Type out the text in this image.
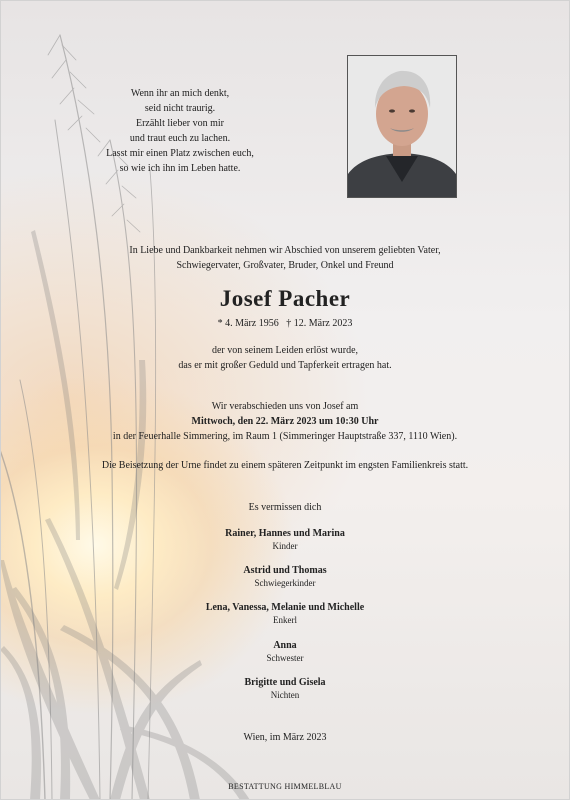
Wenn ihr an mich denkt,
seid nicht traurig.
Erzählt lieber von mir
und traut euch zu lachen.
Lasst mir einen Platz zwischen euch,
so wie ich ihn im Leben hatte.
In Liebe und Dankbarkeit nehmen wir Abschied von unserem geliebten Vater,
Schwiegervater, Großvater, Bruder, Onkel und Freund
Josef Pacher
* 4. März 1956   † 12. März 2023
der von seinem Leiden erlöst wurde,
das er mit großer Geduld und Tapferkeit ertragen hat.
Wir verabschieden uns von Josef am
Mittwoch, den 22. März 2023 um 10:30 Uhr
in der Feuerhalle Simmering, im Raum 1 (Simmeringer Hauptstraße 337, 1110 Wien).
Die Beisetzung der Urne findet zu einem späteren Zeitpunkt im engsten Familienkreis statt.
Es vermissen dich
Rainer, Hannes und Marina
Kinder
Astrid und Thomas
Schwiegerkinder
Lena, Vanessa, Melanie und Michelle
Enkerl
Anna
Schwester
Brigitte und Gisela
Nichten
Wien, im März 2023
BESTATTUNG HIMMELBLAU
